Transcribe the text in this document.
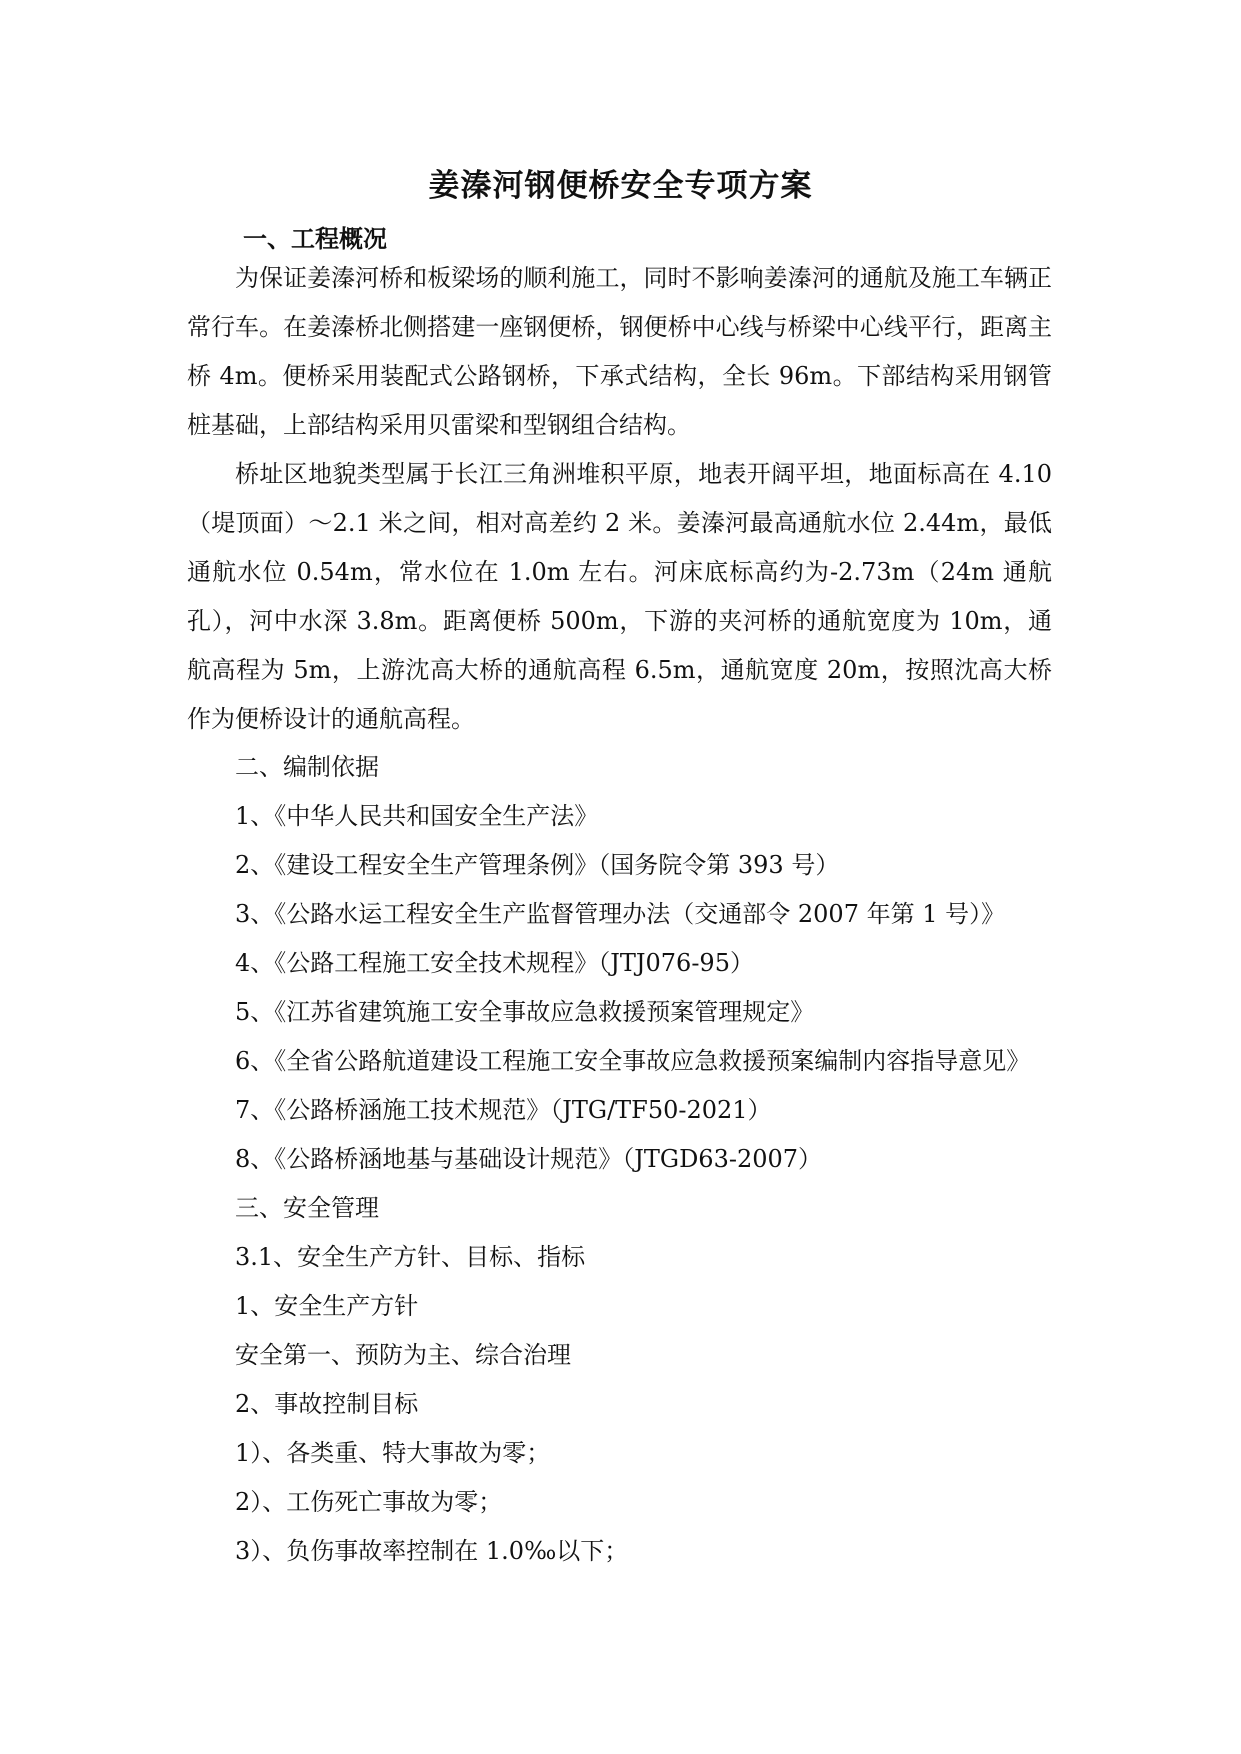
姜溱河钢便桥安全专项方案
一、工程概况

为保证姜溱河桥和板梁场的顺利施工，同时不影响姜溱河的通航及施工车辆正常行车。在姜溱桥北侧搭建一座钢便桥，钢便桥中心线与桥梁中心线平行，距离主桥 4m。便桥采用装配式公路钢桥，下承式结构，全长 96m。下部结构采用钢管桩基础，上部结构采用贝雷梁和型钢组合结构。

桥址区地貌类型属于长江三角洲堆积平原，地表开阔平坦，地面标高在 4.10（堤顶面）～2.1 米之间，相对高差约 2 米。姜溱河最高通航水位 2.44m，最低通航水位 0.54m，常水位在 1.0m 左右。河床底标高约为-2.73m（24m 通航孔），河中水深 3.8m。距离便桥 500m，下游的夹河桥的通航宽度为 10m，通航高程为 5m，上游沈高大桥的通航高程 6.5m，通航宽度 20m，按照沈高大桥作为便桥设计的通航高程。

二、编制依据

1、《中华人民共和国安全生产法》

2、《建设工程安全生产管理条例》（国务院令第 393 号）

3、《公路水运工程安全生产监督管理办法（交通部令 2007 年第 1 号）》

4、《公路工程施工安全技术规程》（JTJ076-95）

5、《江苏省建筑施工安全事故应急救援预案管理规定》

6、《全省公路航道建设工程施工安全事故应急救援预案编制内容指导意见》

7、《公路桥涵施工技术规范》（JTG/TF50-2021）

8、《公路桥涵地基与基础设计规范》（JTGD63-2007）

三、安全管理

3.1、安全生产方针、目标、指标

1、安全生产方针

安全第一、预防为主、综合治理

2、事故控制目标

1）、各类重、特大事故为零；

2）、工伤死亡事故为零；

3）、负伤事故率控制在 1.0‰以下；
